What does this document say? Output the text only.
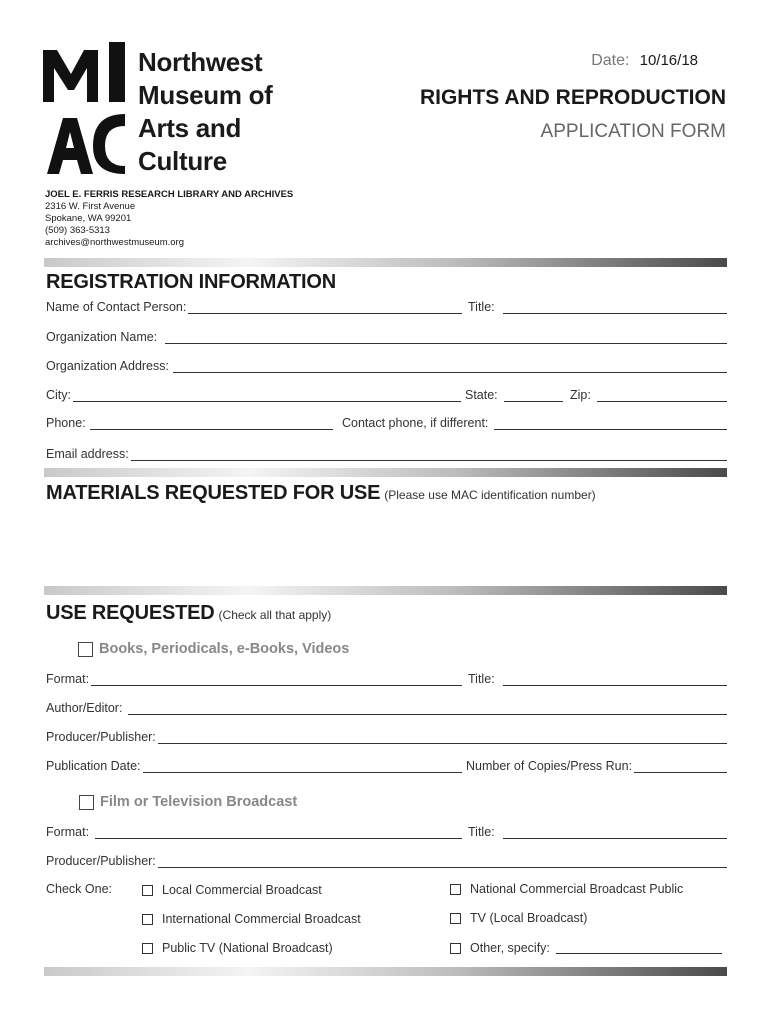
Northwest
Museum of
Arts and
Culture
Date: 10/16/18
RIGHTS AND REPRODUCTION
APPLICATION FORM
JOEL E. FERRIS RESEARCH LIBRARY AND ARCHIVES
2316 W. First Avenue
Spokane, WA 99201
(509) 363-5313
archives@northwestmuseum.org
REGISTRATION INFORMATION
Name of Contact Person:	Title:
Organization Name:
Organization Address:
City:	State:	Zip:
Phone:	Contact phone, if different:
Email address:
MATERIALS REQUESTED FOR USE (Please use MAC identification number)
USE REQUESTED (Check all that apply)
Books, Periodicals, e-Books, Videos
Format:	Title:
Author/Editor:
Producer/Publisher:
Publication Date:	Number of Copies/Press Run:
Film or Television Broadcast
Format:	Title:
Producer/Publisher:
Check One:	Local Commercial Broadcast	National Commercial Broadcast Public
International Commercial Broadcast	TV (Local Broadcast)
Public TV (National Broadcast)	Other, specify:
